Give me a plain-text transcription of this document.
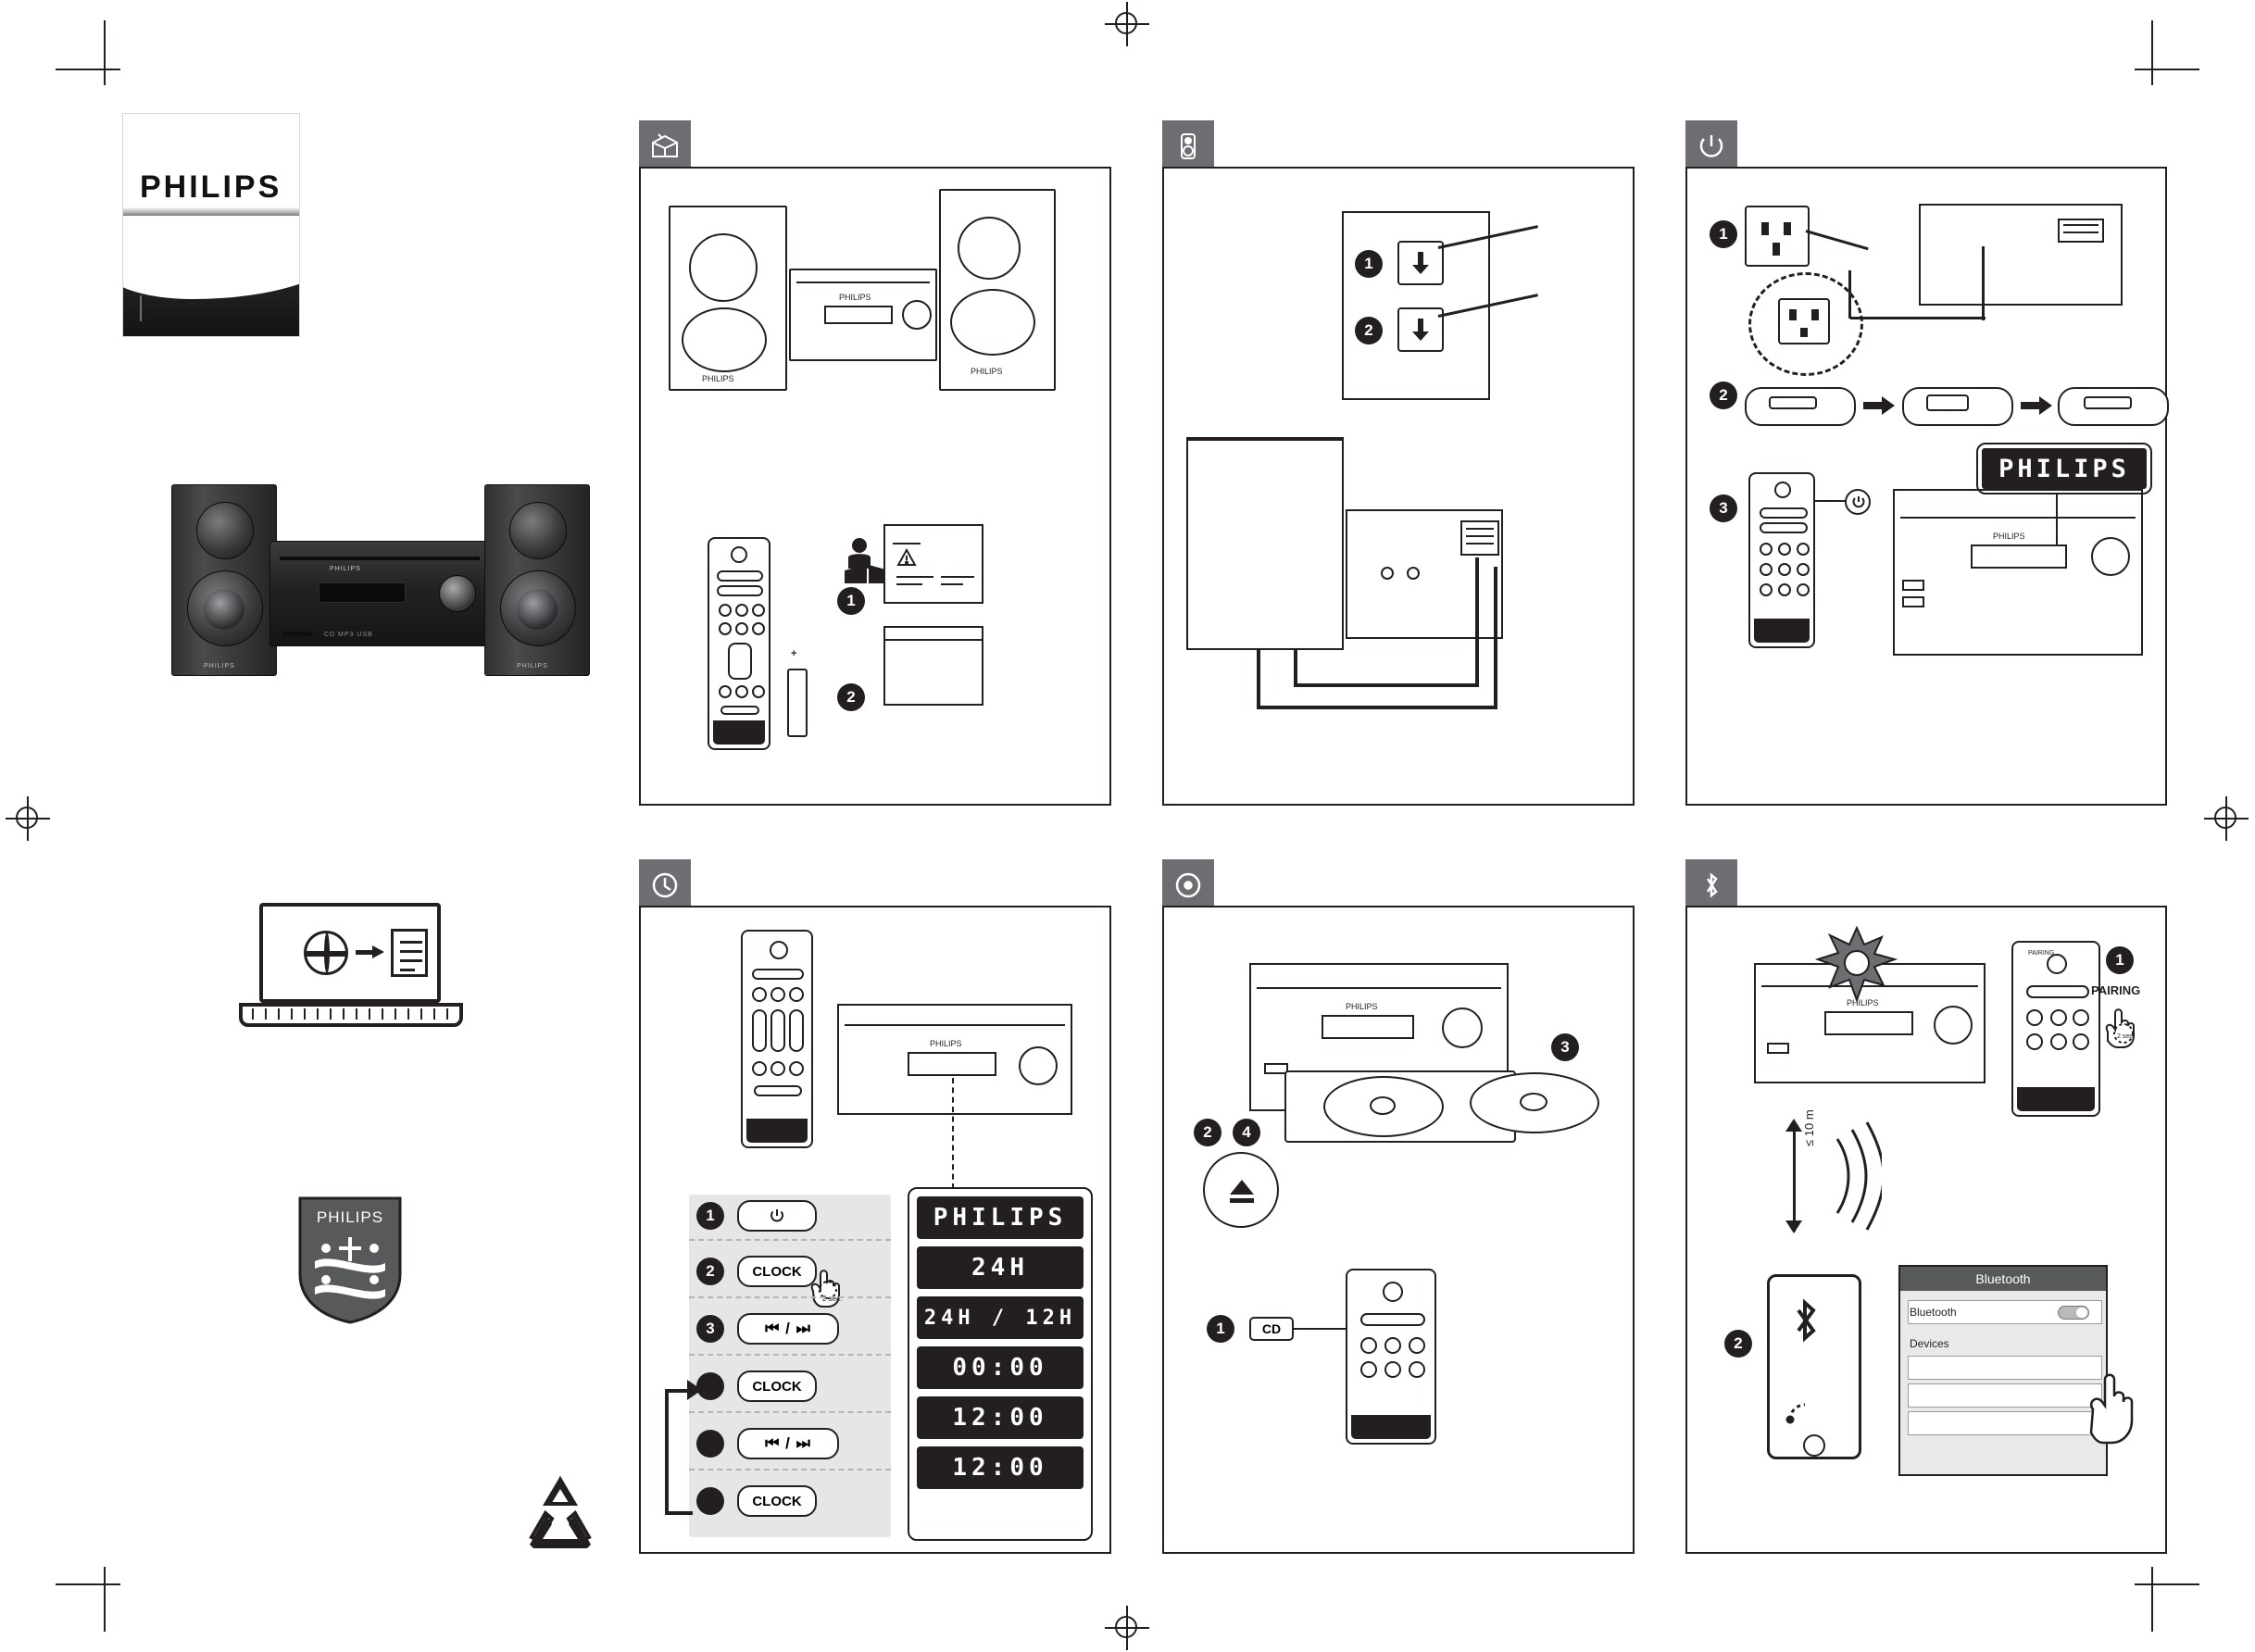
PHILIPS
PHILIPS
PHILIPS
CD MP3 USB
PHILIPS
PHILIPS
PHILIPS
PHILIPS
PHILIPS
+
1
2
1
2
1
2
3
PHILIPS
PHILIPS
PHILIPS
1
2	CLOCK
2 sec.
3	⏮ / ⏭
CLOCK
⏮ / ⏭
CLOCK
PHILIPS
24H
24H / 12H
00:00
12:00
12:00
PHILIPS
3
2	4
1	CD
PHILIPS
PAIRING	1
PAIRING
2 sec.
≤ 10 m
2
Bluetooth
Bluetooth
Devices
